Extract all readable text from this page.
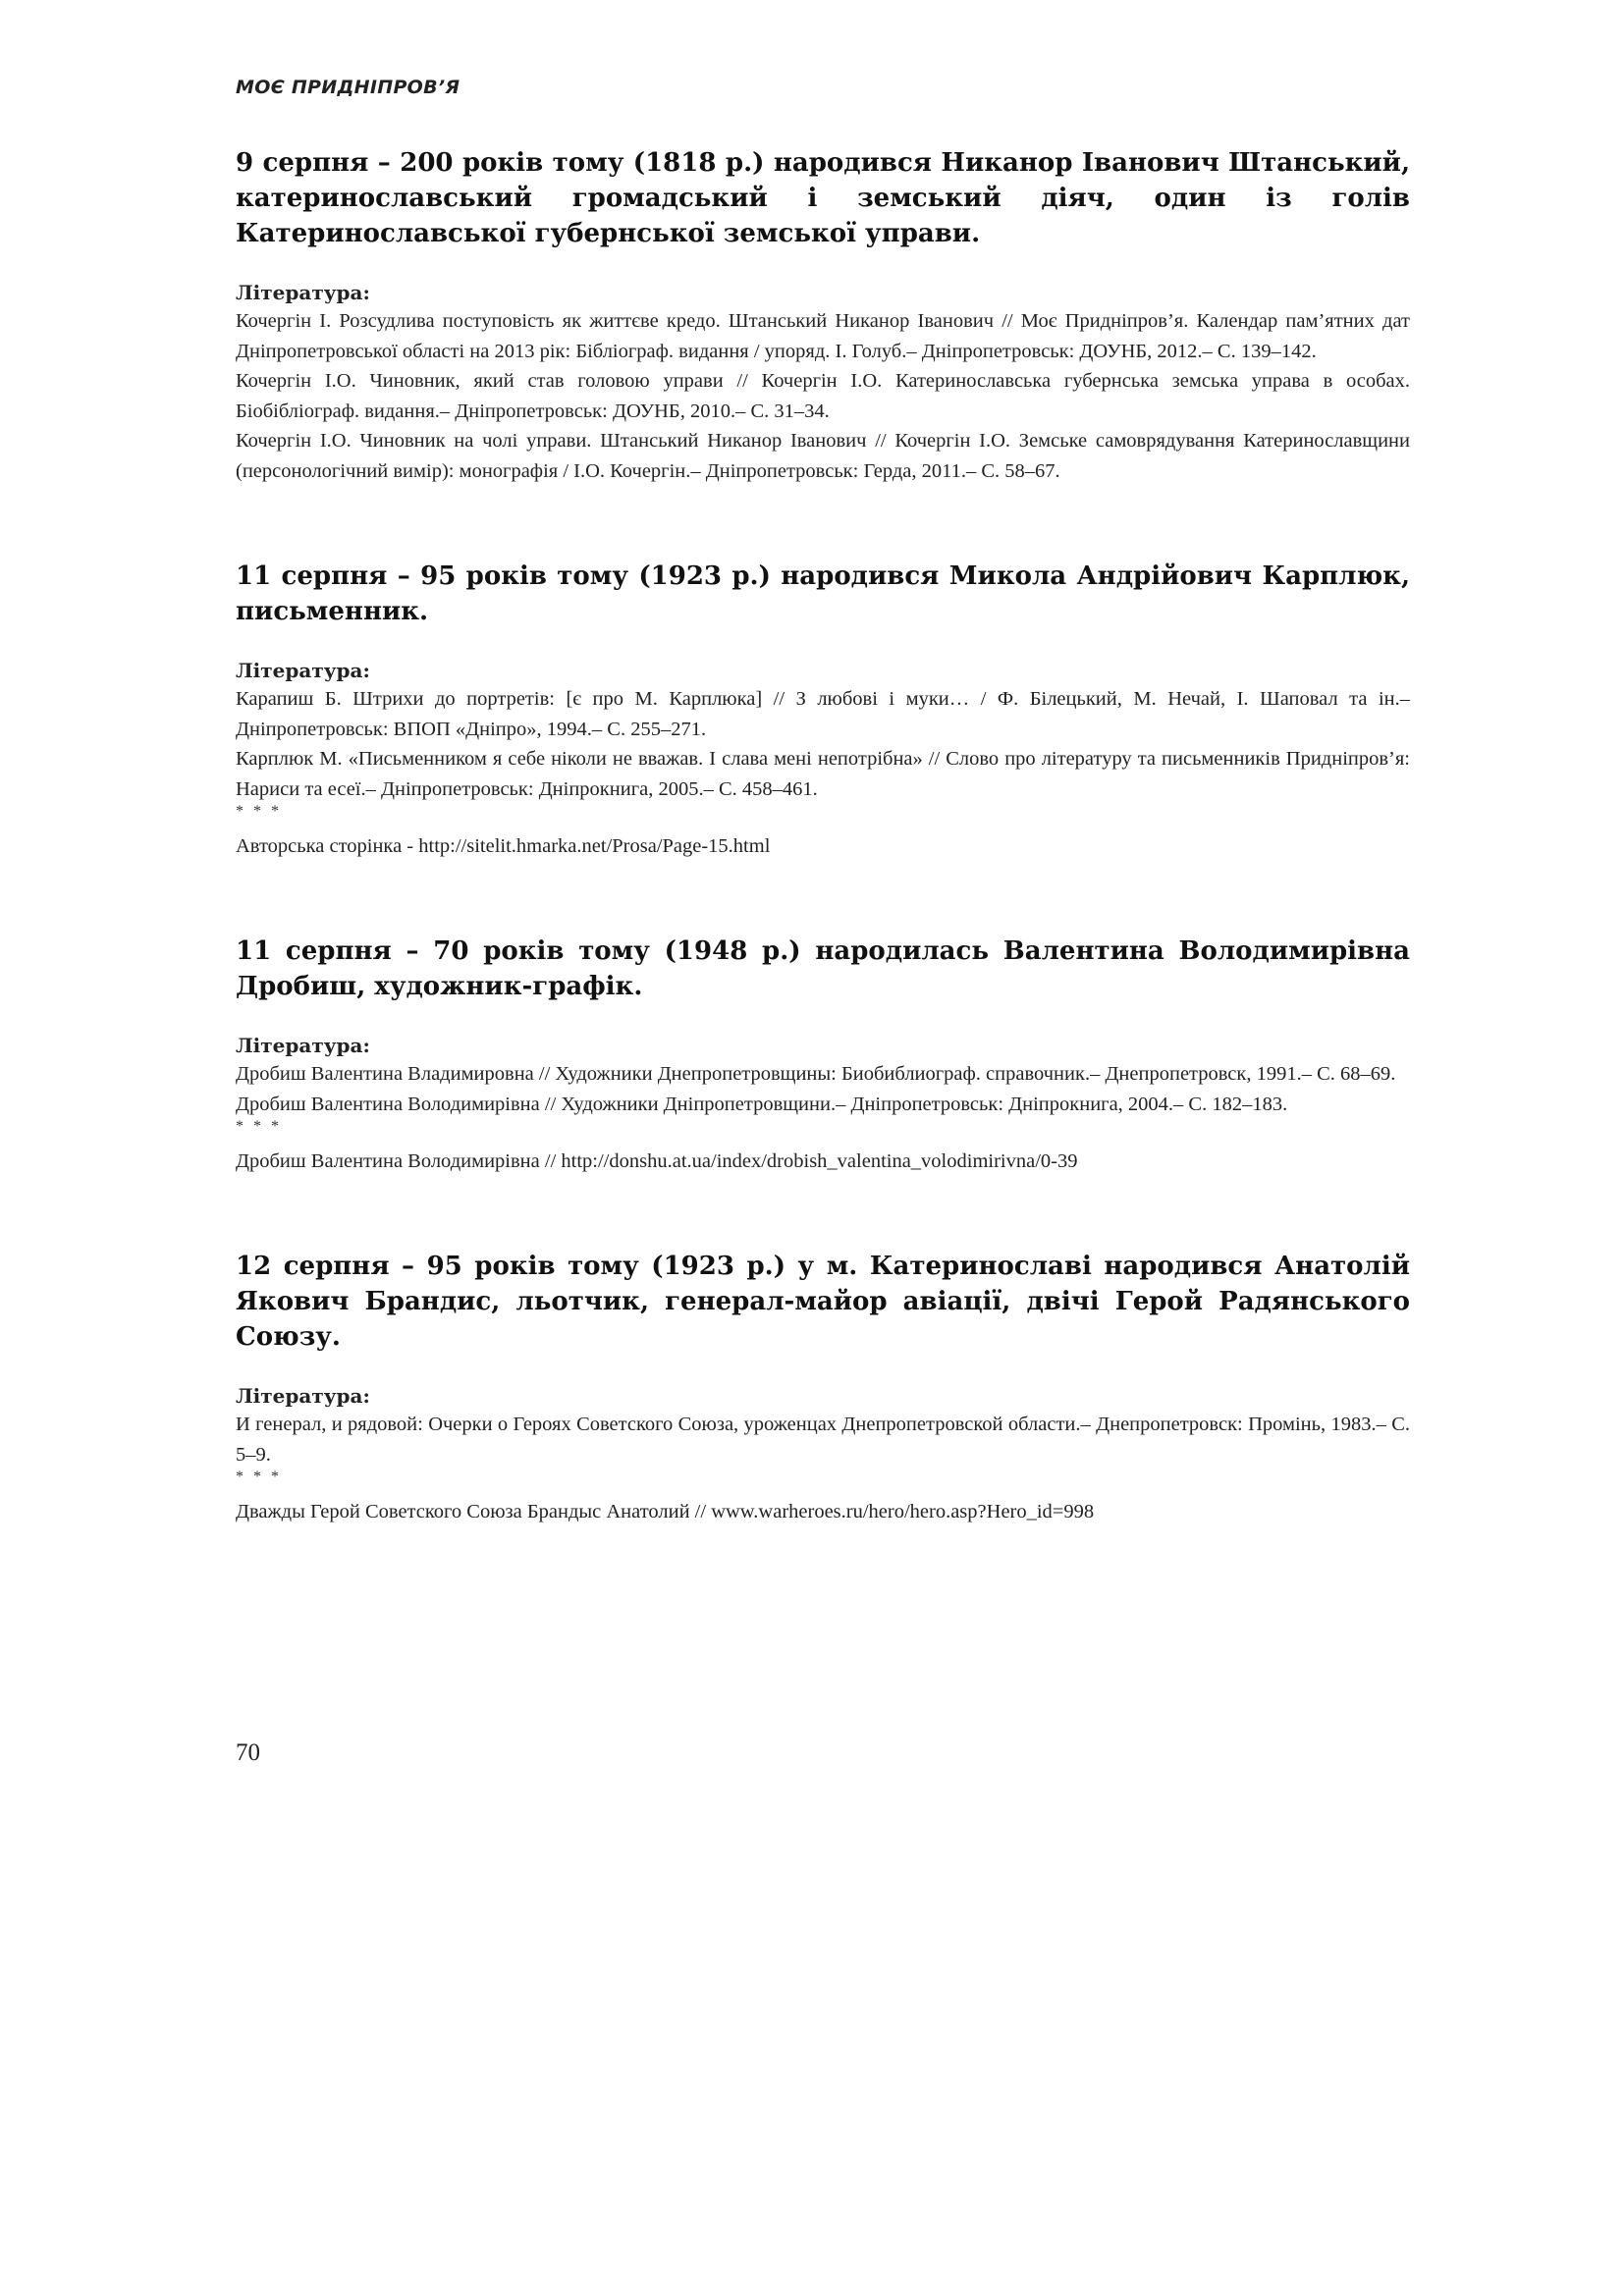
МОЄ ПРИДНІПРОВ’Я

9 серпня – 200 років тому (1818 р.) народився Никанор Іванович Штанський, катеринославський громадський і земський діяч, один із голів Катеринославської губернської земської управи.

Література:

Кочергін І. Розсудлива поступовість як життєве кредо. Штанський Никанор Іванович // Моє Придніпров’я. Календар пам’ятних дат Дніпропетровської області на 2013 рік: Бібліограф. видання / упоряд. І. Голуб.– Дніпропетровськ: ДОУНБ, 2012.– С. 139–142.

Кочергін І.О. Чиновник, який став головою управи // Кочергін І.О. Катеринославська губернська земська управа в особах. Біобібліограф. видання.– Дніпропетровськ: ДОУНБ, 2010.– С. 31–34.

Кочергін І.О. Чиновник на чолі управи. Штанський Никанор Іванович // Кочергін І.О. Земське самоврядування Катеринославщини (персонологічний вимір): монографія / І.О. Кочергін.– Дніпропетровськ: Герда, 2011.– С. 58–67.

11 серпня – 95 років тому (1923 р.) народився Микола Андрійович Карплюк, письменник.

Література:

Карапиш Б. Штрихи до портретів: [є про М. Карплюка] // З любові і муки… / Ф. Білецький, М. Нечай, І. Шаповал та ін.– Дніпропетровськ: ВПОП «Дніпро», 1994.– С. 255–271.

Карплюк М. «Письменником я себе ніколи не вважав. І слава мені непотрібна» // Слово про літературу та письменників Придніпров’я: Нариси та есеї.– Дніпропетровськ: Дніпрокнига, 2005.– С. 458–461.

* * *

Авторська сторінка - http://sitelit.hmarka.net/Prosa/Page-15.html

11 серпня – 70 років тому (1948 р.) народилась Валентина Володимирівна Дробиш, художник-графік.

Література:

Дробиш Валентина Владимировна // Художники Днепропетровщины: Биобиблиограф. справочник.– Днепропетровск, 1991.– С. 68–69.

Дробиш Валентина Володимирівна // Художники Дніпропетровщини.– Дніпропетровськ: Дніпрокнига, 2004.– С. 182–183.

* * *

Дробиш Валентина Володимирівна // http://donshu.at.ua/index/drobish_valentina_volodimirivna/0-39

12 серпня – 95 років тому (1923 р.) у м. Катеринославі народився Анатолій Якович Брандис, льотчик, генерал-майор авіації, двічі Герой Радянського Союзу.

Література:

И генерал, и рядовой: Очерки о Героях Советского Союза, уроженцах Днепропетровской области.– Днепропетровск: Промінь, 1983.– С. 5–9.

* * *

Дважды Герой Советского Союза Брандыс Анатолий // www.warheroes.ru/hero/hero.asp?Hero_id=998

70
